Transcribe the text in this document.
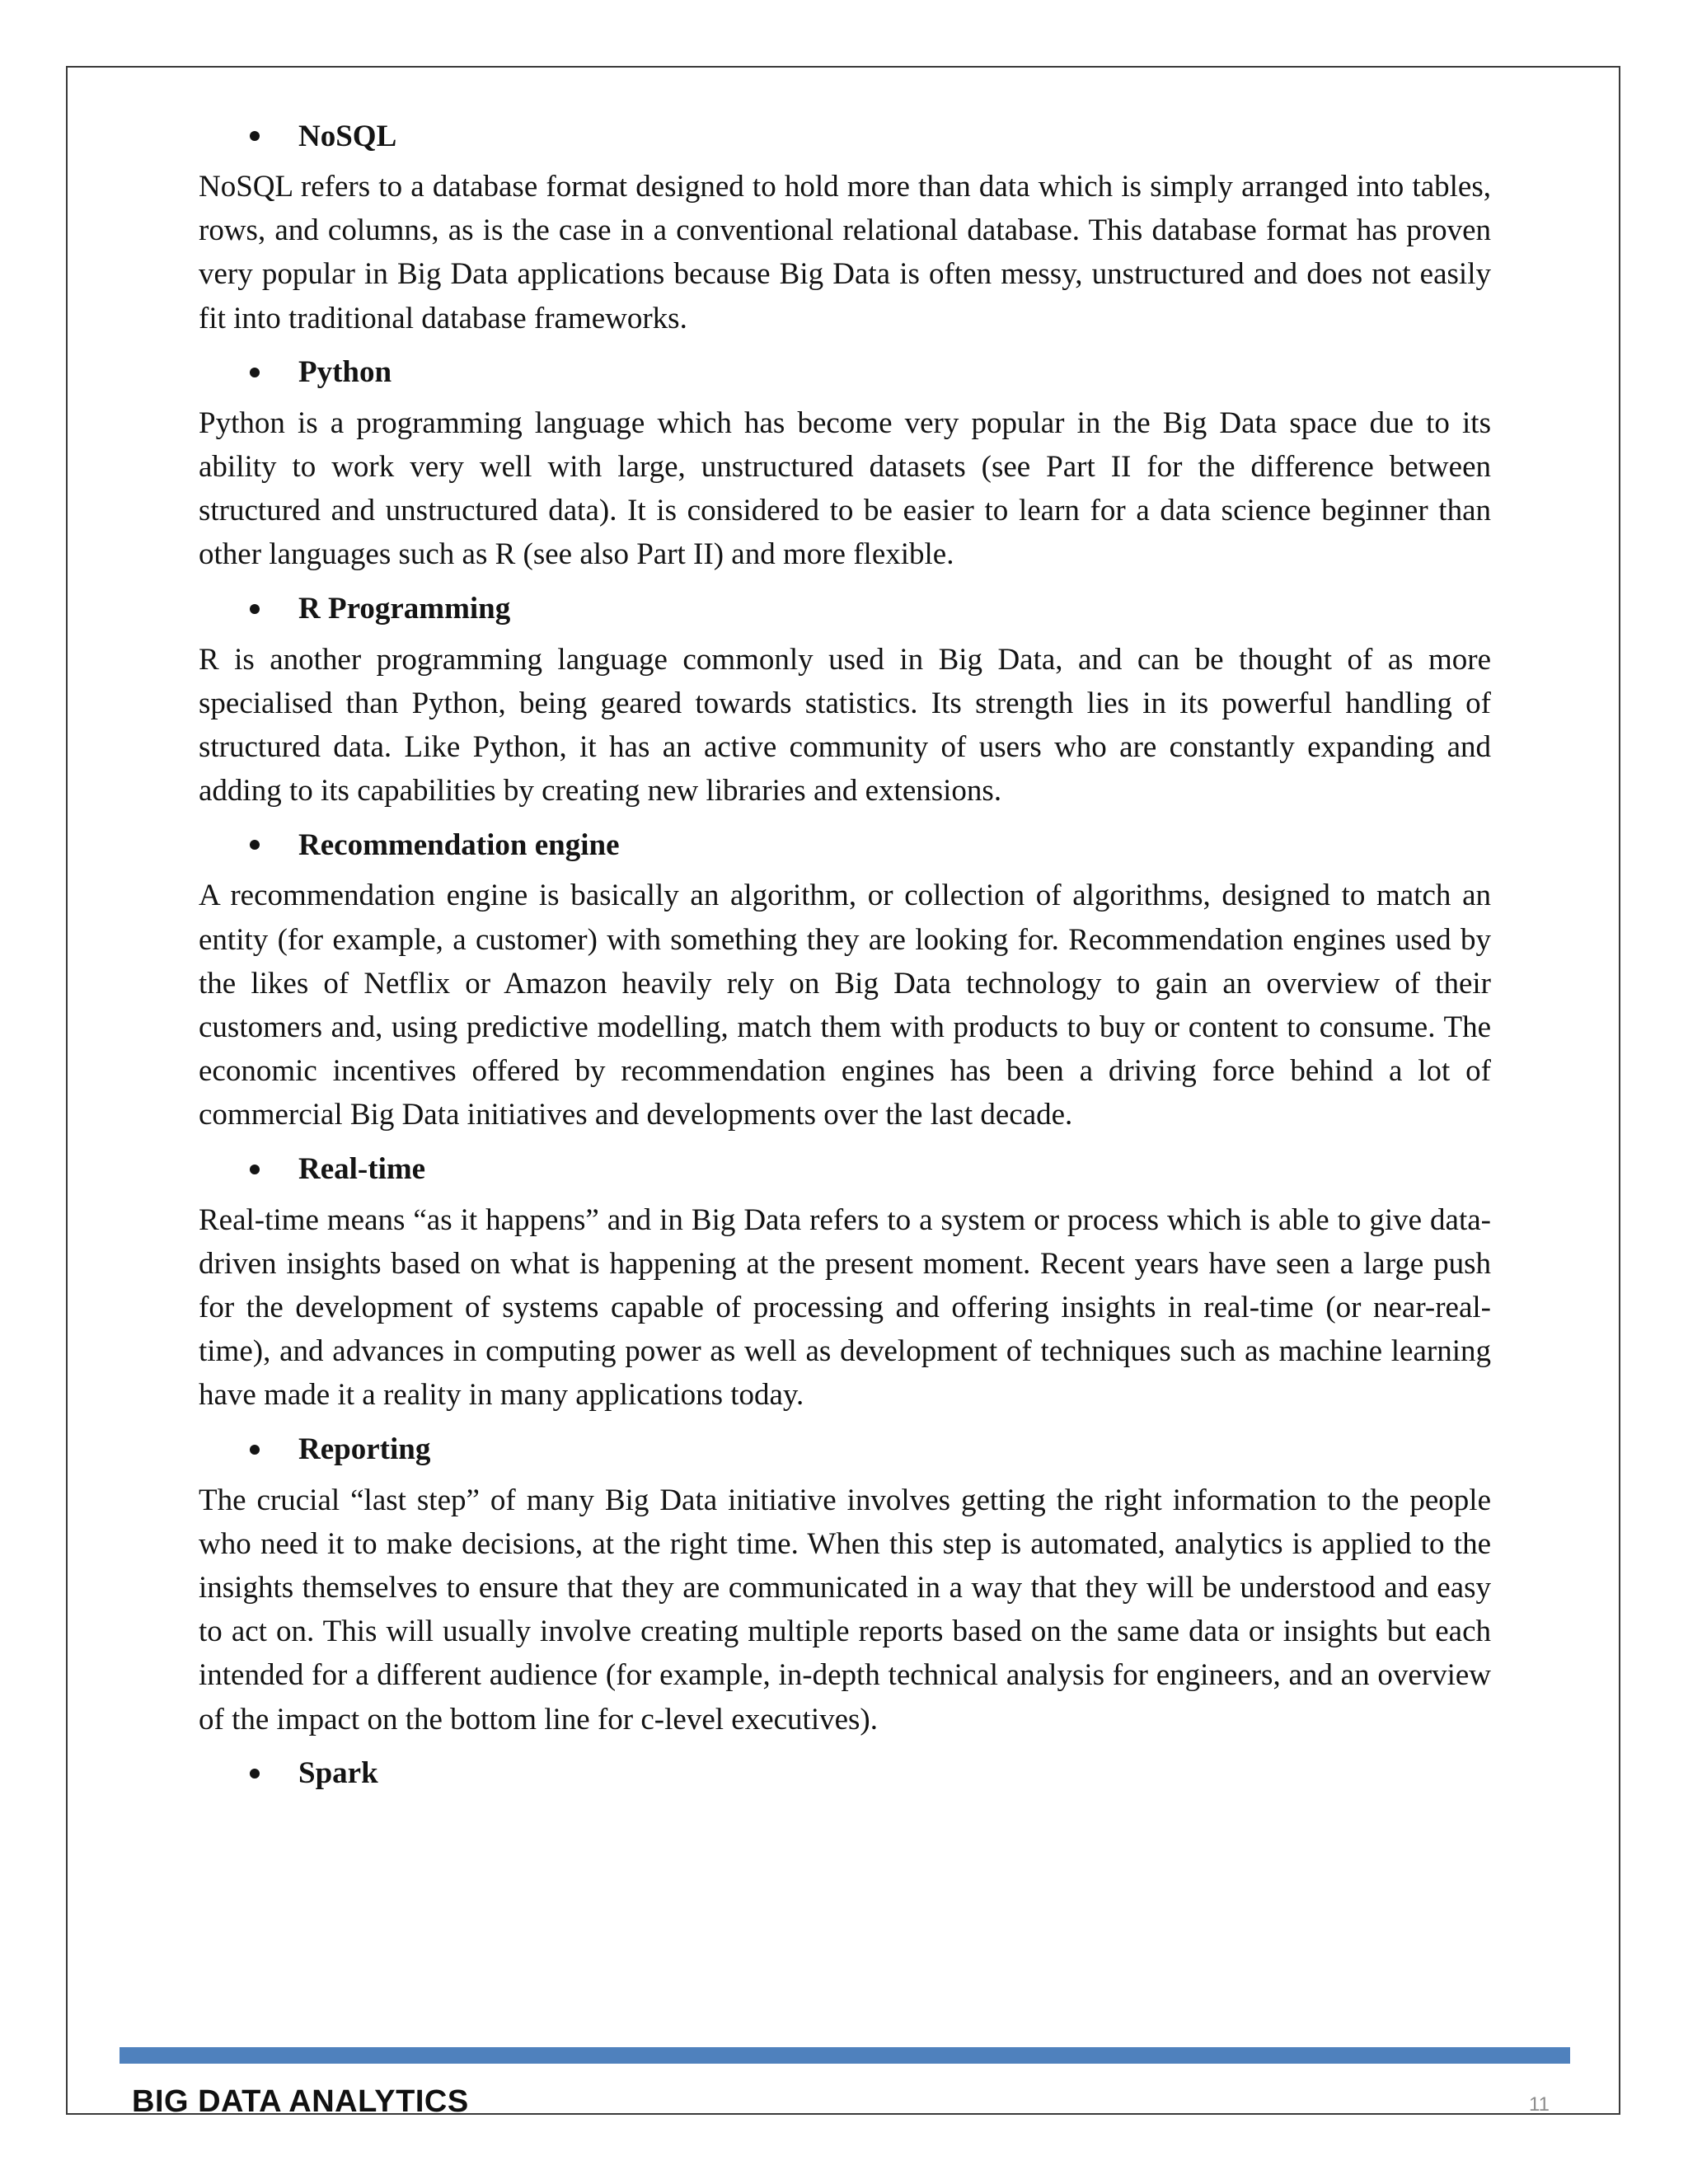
NoSQL

NoSQL refers to a database format designed to hold more than data which is simply arranged into tables, rows, and columns, as is the case in a conventional relational database. This database format has proven very popular in Big Data applications because Big Data is often messy, unstructured and does not easily fit into traditional database frameworks.

Python

Python is a programming language which has become very popular in the Big Data space due to its ability to work very well with large, unstructured datasets (see Part II for the difference between structured and unstructured data). It is considered to be easier to learn for a data science beginner than other languages such as R (see also Part II) and more flexible.

R Programming

R is another programming language commonly used in Big Data, and can be thought of as more specialised than Python, being geared towards statistics. Its strength lies in its powerful handling of structured data. Like Python, it has an active community of users who are constantly expanding and adding to its capabilities by creating new libraries and extensions.

Recommendation engine

A recommendation engine is basically an algorithm, or collection of algorithms, designed to match an entity (for example, a customer) with something they are looking for. Recommendation engines used by the likes of Netflix or Amazon heavily rely on Big Data technology to gain an overview of their customers and, using predictive modelling, match them with products to buy or content to consume. The economic incentives offered by recommendation engines has been a driving force behind a lot of commercial Big Data initiatives and developments over the last decade.

Real-time

Real-time means “as it happens” and in Big Data refers to a system or process which is able to give data-driven insights based on what is happening at the present moment. Recent years have seen a large push for the development of systems capable of processing and offering insights in real-time (or near-real-time), and advances in computing power as well as development of techniques such as machine learning have made it a reality in many applications today.

Reporting

The crucial “last step” of many Big Data initiative involves getting the right information to the people who need it to make decisions, at the right time. When this step is automated, analytics is applied to the insights themselves to ensure that they are communicated in a way that they will be understood and easy to act on. This will usually involve creating multiple reports based on the same data or insights but each intended for a different audience (for example, in-depth technical analysis for engineers, and an overview of the impact on the bottom line for c-level executives).

Spark
BIG DATA ANALYTICS	11
